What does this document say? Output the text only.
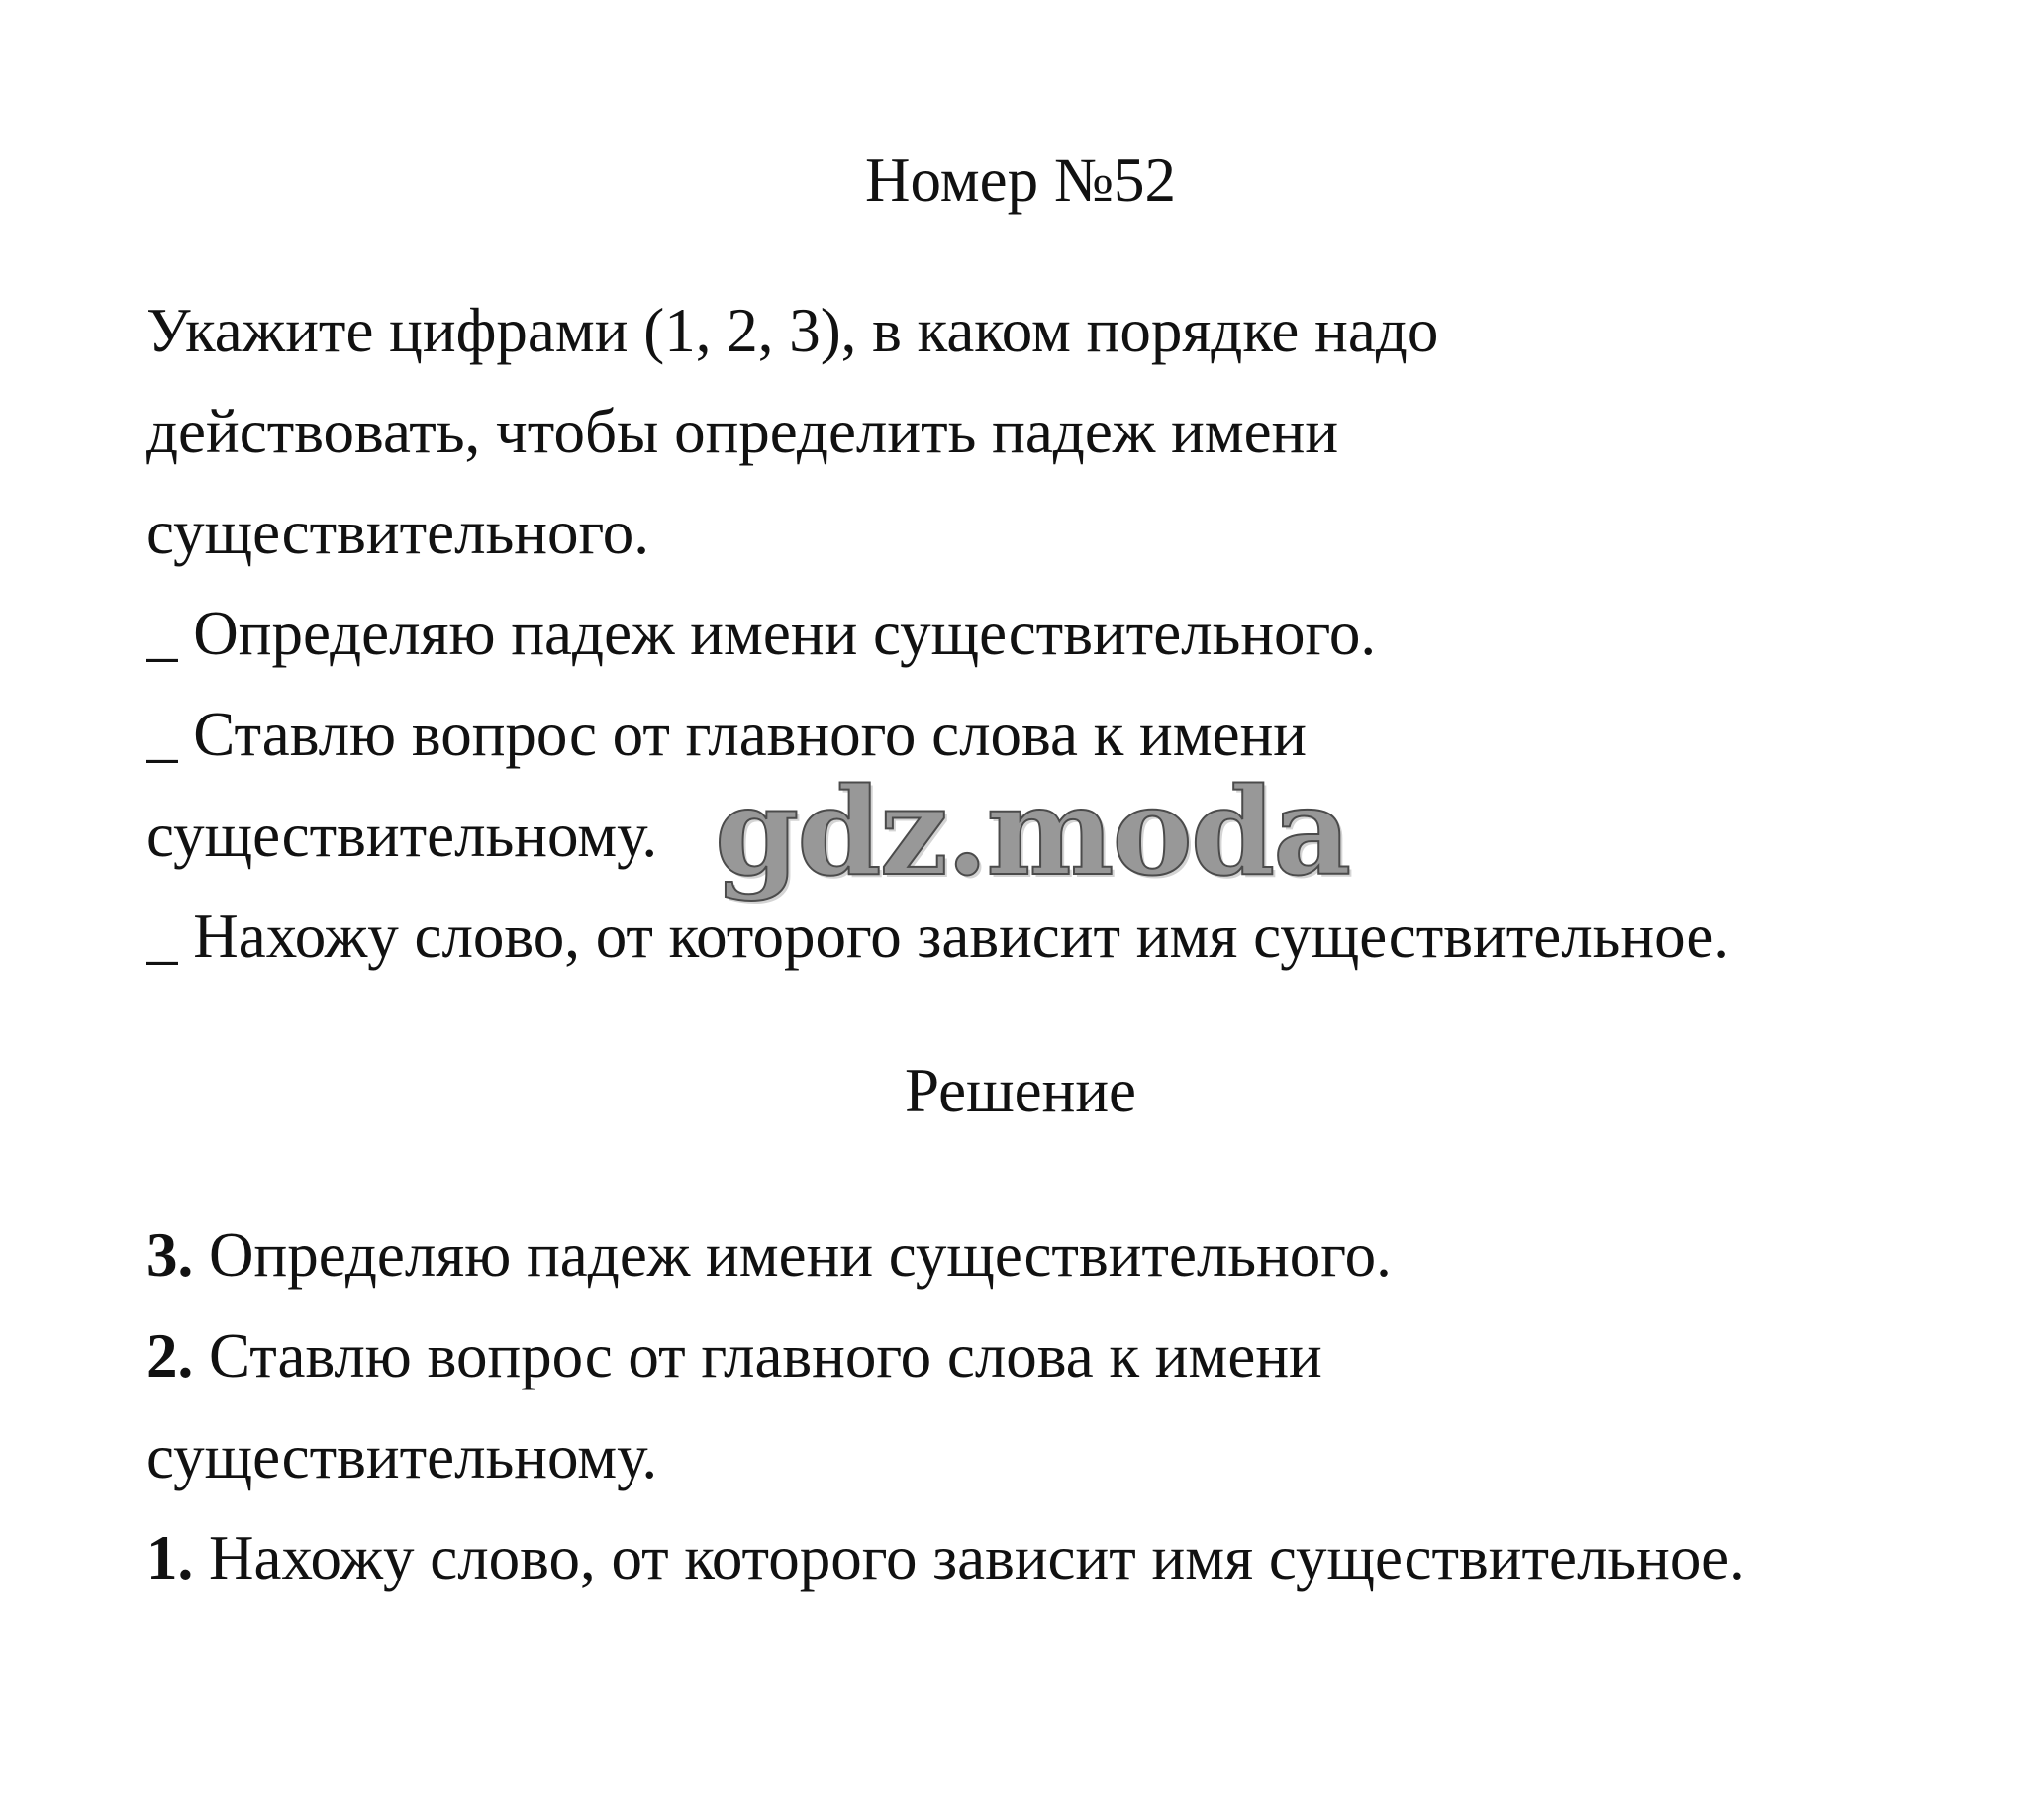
Номер №52
Укажите цифрами (1, 2, 3), в каком порядке надо
действовать, чтобы определить падеж имени
существительного.
_ Определяю падеж имени существительного.
_ Ставлю вопрос от главного слова к имени
существительному.
_ Нахожу слово, от которого зависит имя существительное.
Решение
3. Определяю падеж имени существительного.
2. Ставлю вопрос от главного слова к имени
существительному.
1. Нахожу слово, от которого зависит имя существительное.
gdz.moda
